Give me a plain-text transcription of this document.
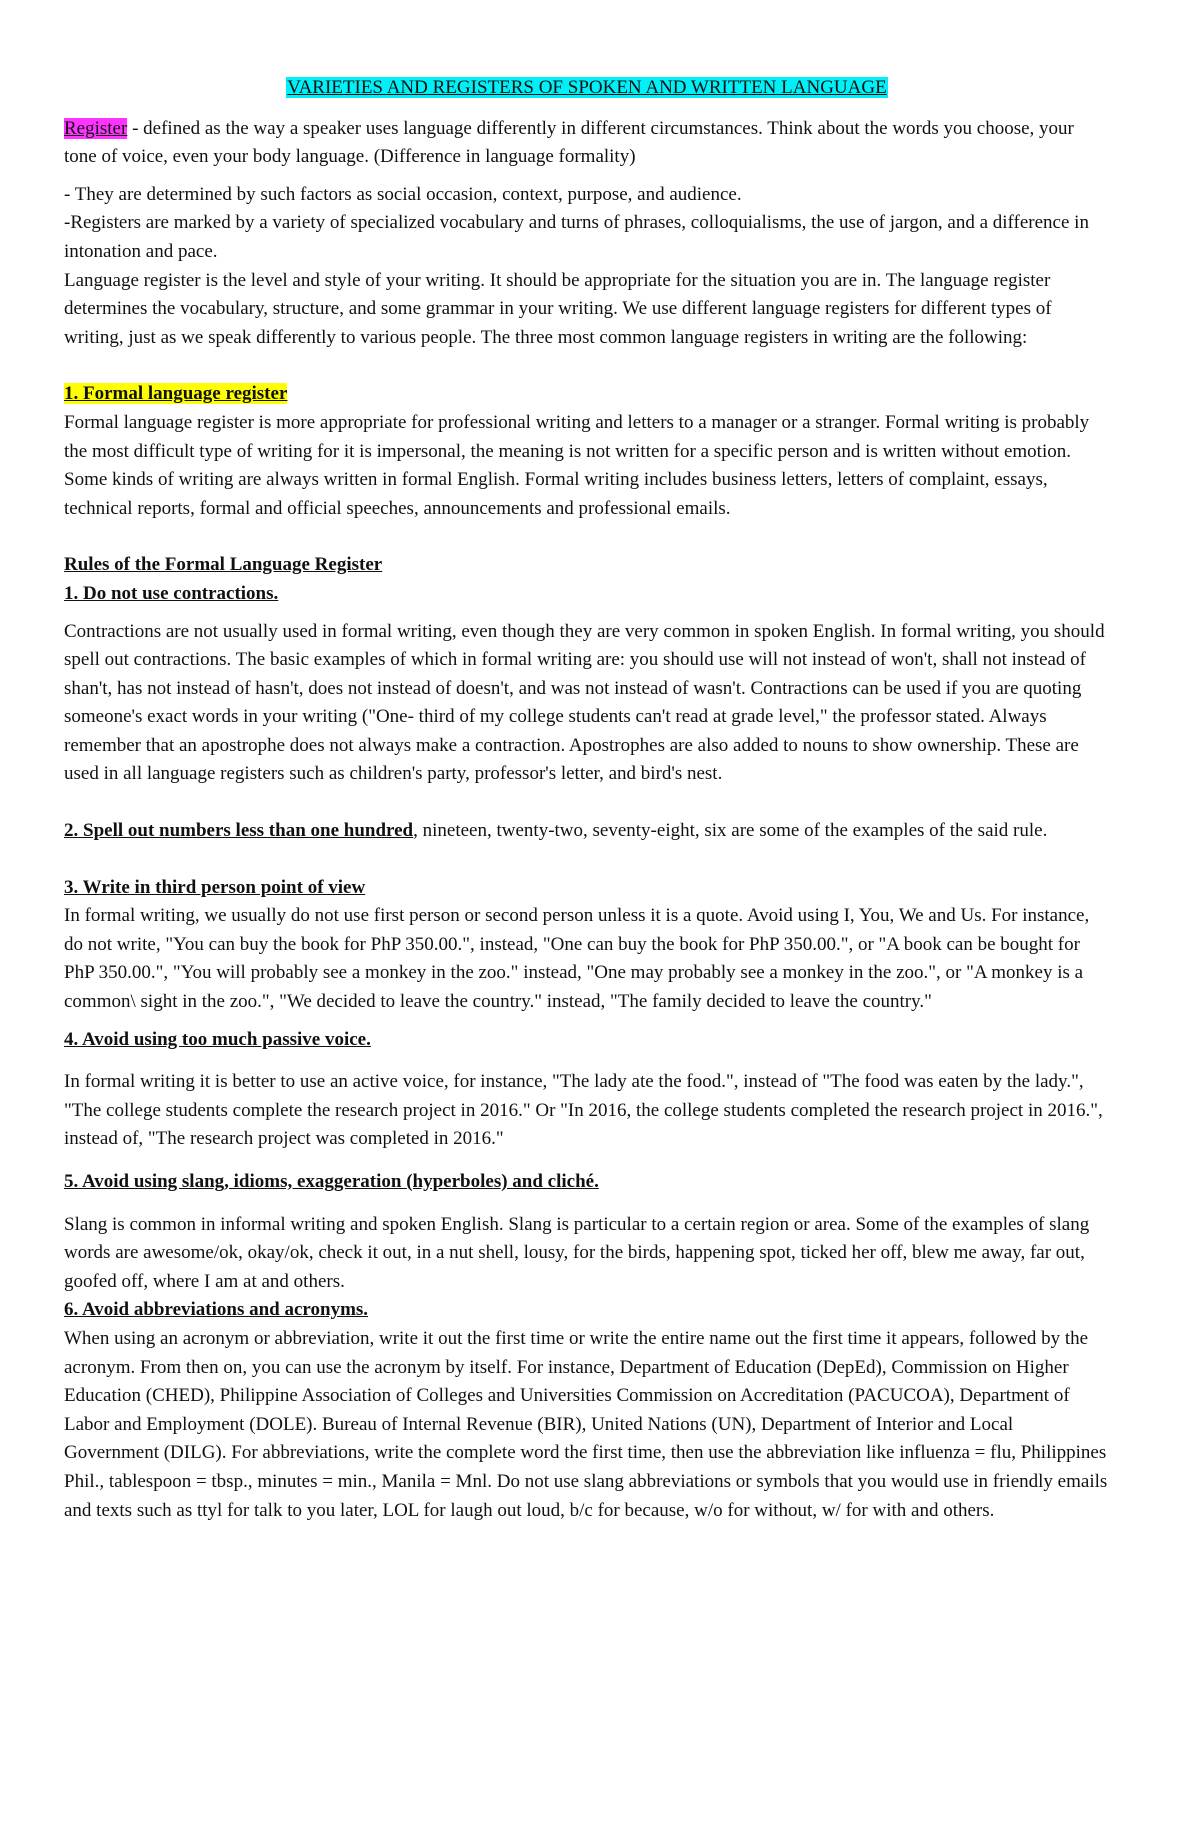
VARIETIES AND REGISTERS OF SPOKEN AND WRITTEN LANGUAGE

Register - defined as the way a speaker uses language differently in different circumstances. Think about the words you choose, your tone of voice, even your body language. (Difference in language formality)

- They are determined by such factors as social occasion, context, purpose, and audience.

-Registers are marked by a variety of specialized vocabulary and turns of phrases, colloquialisms, the use of jargon, and a difference in intonation and pace.

Language register is the level and style of your writing. It should be appropriate for the situation you are in. The language register determines the vocabulary, structure, and some grammar in your writing. We use different language registers for different types of writing, just as we speak differently to various people. The three most common language registers in writing are the following:

1. Formal language register

Formal language register is more appropriate for professional writing and letters to a manager or a stranger. Formal writing is probably the most difficult type of writing for it is impersonal, the meaning is not written for a specific person and is written without emotion. Some kinds of writing are always written in formal English. Formal writing includes business letters, letters of complaint, essays, technical reports, formal and official speeches, announcements and professional emails.

Rules of the Formal Language Register

1. Do not use contractions.

Contractions are not usually used in formal writing, even though they are very common in spoken English. In formal writing, you should spell out contractions. The basic examples of which in formal writing are: you should use will not instead of won't, shall not instead of shan't, has not instead of hasn't, does not instead of doesn't, and was not instead of wasn't. Contractions can be used if you are quoting someone's exact words in your writing ("One- third of my college students can't read at grade level," the professor stated. Always remember that an apostrophe does not always make a contraction. Apostrophes are also added to nouns to show ownership. These are used in all language registers such as children's party, professor's letter, and bird's nest.

2. Spell out numbers less than one hundred, nineteen, twenty-two, seventy-eight, six are some of the examples of the said rule.

3. Write in third person point of view

In formal writing, we usually do not use first person or second person unless it is a quote. Avoid using I, You, We and Us. For instance, do not write, "You can buy the book for PhP 350.00.", instead, "One can buy the book for PhP 350.00.", or "A book can be bought for PhP 350.00.", "You will probably see a monkey in the zoo." instead, "One may probably see a monkey in the zoo.", or "A monkey is a common\ sight in the zoo.", "We decided to leave the country." instead, "The family decided to leave the country."

4. Avoid using too much passive voice.

In formal writing it is better to use an active voice, for instance, "The lady ate the food.", instead of "The food was eaten by the lady.", "The college students complete the research project in 2016." Or "In 2016, the college students completed the research project in 2016.", instead of, "The research project was completed in 2016."

5. Avoid using slang, idioms, exaggeration (hyperboles) and cliché.

Slang is common in informal writing and spoken English. Slang is particular to a certain region or area. Some of the examples of slang words are awesome/ok, okay/ok, check it out, in a nut shell, lousy, for the birds, happening spot, ticked her off, blew me away, far out, goofed off, where I am at and others.

6. Avoid abbreviations and acronyms.

When using an acronym or abbreviation, write it out the first time or write the entire name out the first time it appears, followed by the acronym. From then on, you can use the acronym by itself. For instance, Department of Education (DepEd), Commission on Higher Education (CHED), Philippine Association of Colleges and Universities Commission on Accreditation (PACUCOA), Department of Labor and Employment (DOLE). Bureau of Internal Revenue (BIR), United Nations (UN), Department of Interior and Local Government (DILG). For abbreviations, write the complete word the first time, then use the abbreviation like influenza = flu, Philippines Phil., tablespoon = tbsp., minutes = min., Manila = Mnl. Do not use slang abbreviations or symbols that you would use in friendly emails and texts such as ttyl for talk to you later, LOL for laugh out loud, b/c for because, w/o for without, w/ for with and others.
